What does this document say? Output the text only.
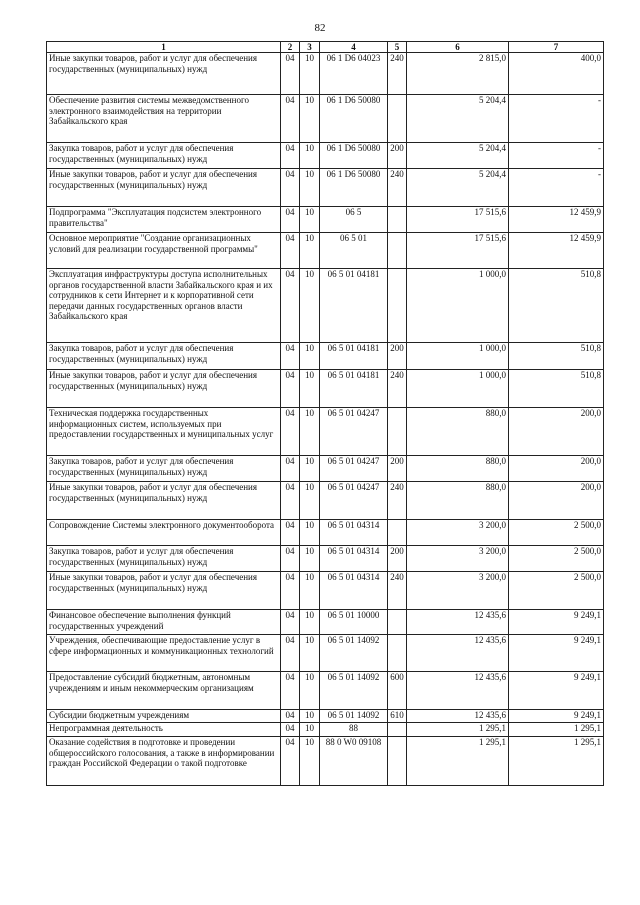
82
1	2	3	4	5	6	7
Иные закупки товаров, работ и услуг для обеспечения государственных (муниципальных) нужд	04	10	06 1 D6 04023	240	2 815,0	400,0
Обеспечение развития системы межведомственного электронного взаимодействия на территории Забайкальского края	04	10	06 1 D6 50080		5 204,4	-
Закупка товаров, работ и услуг для обеспечения государственных (муниципальных) нужд	04	10	06 1 D6 50080	200	5 204,4	-
Иные закупки товаров, работ и услуг для обеспечения государственных (муниципальных) нужд	04	10	06 1 D6 50080	240	5 204,4	-
Подпрограмма "Эксплуатация подсистем электронного правительства"	04	10	06 5		17 515,6	12 459,9
Основное мероприятие "Создание организационных условий для реализации государственной программы"	04	10	06 5 01		17 515,6	12 459,9
Эксплуатация инфраструктуры доступа исполнительных органов государственной власти Забайкальского края и их сотрудников к сети Интернет и к корпоративной сети передачи данных государственных органов власти Забайкальского края	04	10	06 5 01 04181		1 000,0	510,8
Закупка товаров, работ и услуг для обеспечения государственных (муниципальных) нужд	04	10	06 5 01 04181	200	1 000,0	510,8
Иные закупки товаров, работ и услуг для обеспечения государственных (муниципальных) нужд	04	10	06 5 01 04181	240	1 000,0	510,8
Техническая поддержка государственных информационных систем, используемых при предоставлении государственных и муниципальных услуг	04	10	06 5 01 04247		880,0	200,0
Закупка товаров, работ и услуг для обеспечения государственных (муниципальных) нужд	04	10	06 5 01 04247	200	880,0	200,0
Иные закупки товаров, работ и услуг для обеспечения государственных (муниципальных) нужд	04	10	06 5 01 04247	240	880,0	200,0
Сопровождение Системы электронного документооборота	04	10	06 5 01 04314		3 200,0	2 500,0
Закупка товаров, работ и услуг для обеспечения государственных (муниципальных) нужд	04	10	06 5 01 04314	200	3 200,0	2 500,0
Иные закупки товаров, работ и услуг для обеспечения государственных (муниципальных) нужд	04	10	06 5 01 04314	240	3 200,0	2 500,0
Финансовое обеспечение выполнения функций государственных учреждений	04	10	06 5 01 10000		12 435,6	9 249,1
Учреждения, обеспечивающие предоставление услуг в сфере информационных и коммуникационных технологий	04	10	06 5 01 14092		12 435,6	9 249,1
Предоставление субсидий бюджетным, автономным учреждениям и иным некоммерческим организациям	04	10	06 5 01 14092	600	12 435,6	9 249,1
Субсидии бюджетным учреждениям	04	10	06 5 01 14092	610	12 435,6	9 249,1
Непрограммная деятельность	04	10	88		1 295,1	1 295,1
Оказание содействия в подготовке и проведении общероссийского голосования, а также в информировании граждан Российской Федерации о такой подготовке	04	10	88 0 W0 09108		1 295,1	1 295,1
